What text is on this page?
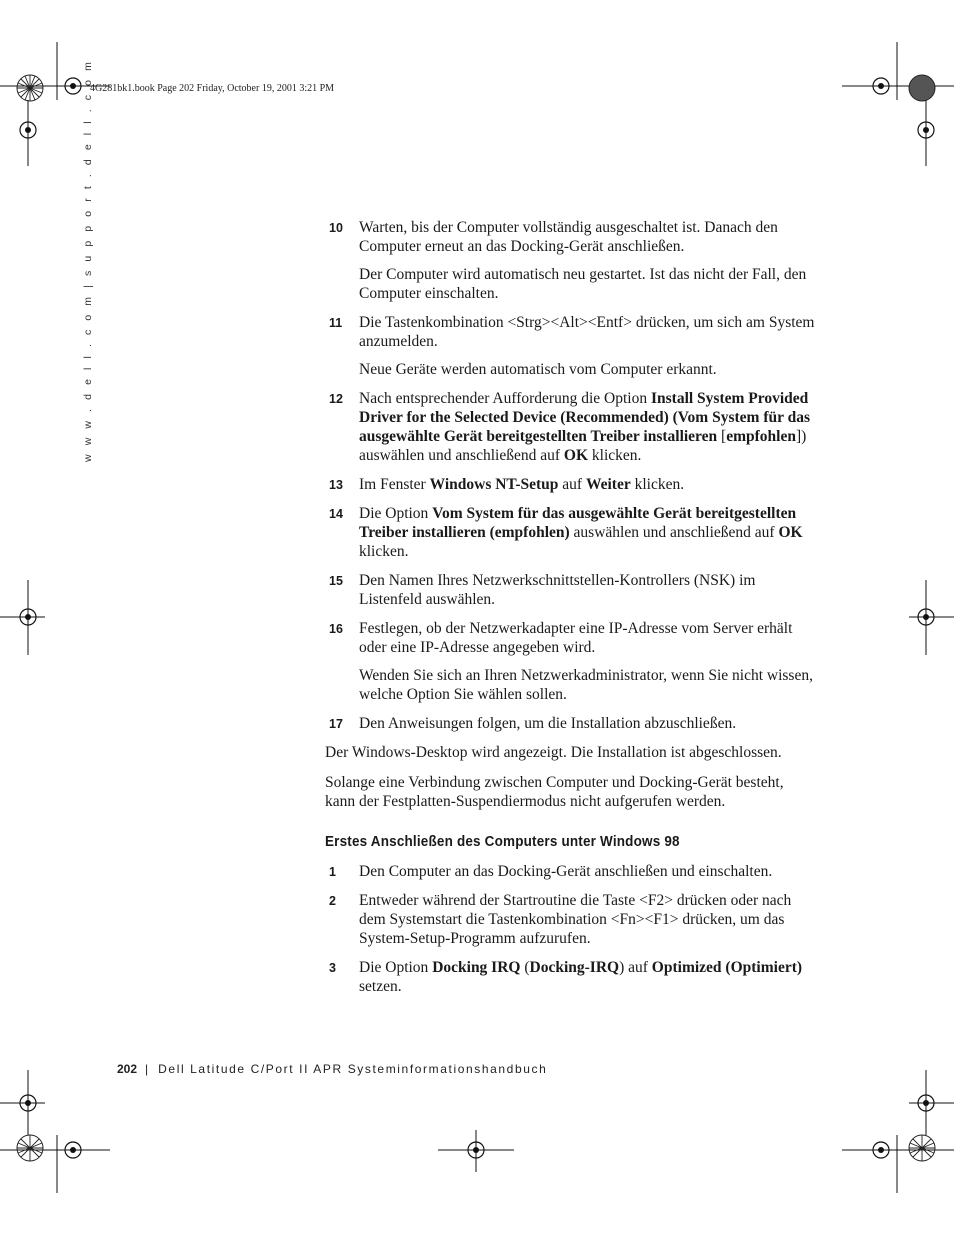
4G281bk1.book Page 202 Friday, October 19, 2001 3:21 PM
w w w . d e l l . c o m | s u p p o r t . d e l l . c o m	10 Warten, bis der Computer vollständig ausgeschaltet ist. Danach den Computer erneut an das Docking-Gerät anschließen.

Der Computer wird automatisch neu gestartet. Ist das nicht der Fall, den Computer einschalten.

11 Die Tastenkombination <Strg><Alt><Entf> drücken, um sich am System anzumelden.

Neue Geräte werden automatisch vom Computer erkannt.

12 Nach entsprechender Aufforderung die Option Install System Provided Driver for the Selected Device (Recommended) (Vom System für das ausgewählte Gerät bereitgestellten Treiber installieren [empfohlen]) auswählen und anschließend auf OK klicken.

13 Im Fenster Windows NT-Setup auf Weiter klicken.

14 Die Option Vom System für das ausgewählte Gerät bereitgestellten Treiber installieren (empfohlen) auswählen und anschließend auf OK klicken.

15 Den Namen Ihres Netzwerkschnittstellen-Kontrollers (NSK) im Listenfeld auswählen.

16 Festlegen, ob der Netzwerkadapter eine IP-Adresse vom Server erhält oder eine IP-Adresse angegeben wird.

Wenden Sie sich an Ihren Netzwerkadministrator, wenn Sie nicht wissen, welche Option Sie wählen sollen.

17 Den Anweisungen folgen, um die Installation abzuschließen.

Der Windows-Desktop wird angezeigt. Die Installation ist abgeschlossen.

Solange eine Verbindung zwischen Computer und Docking-Gerät besteht, kann der Festplatten-Suspendiermodus nicht aufgerufen werden.

Erstes Anschließen des Computers unter Windows 98
1 Den Computer an das Docking-Gerät anschließen und einschalten.

2 Entweder während der Startroutine die Taste <F2> drücken oder nach dem Systemstart die Tastenkombination <Fn><F1> drücken, um das System-Setup-Programm aufzurufen.

3 Die Option Docking IRQ (Docking-IRQ) auf Optimized (Optimiert) setzen.

202 | Dell Latitude C/Port II APR Systeminformationshandbuch
